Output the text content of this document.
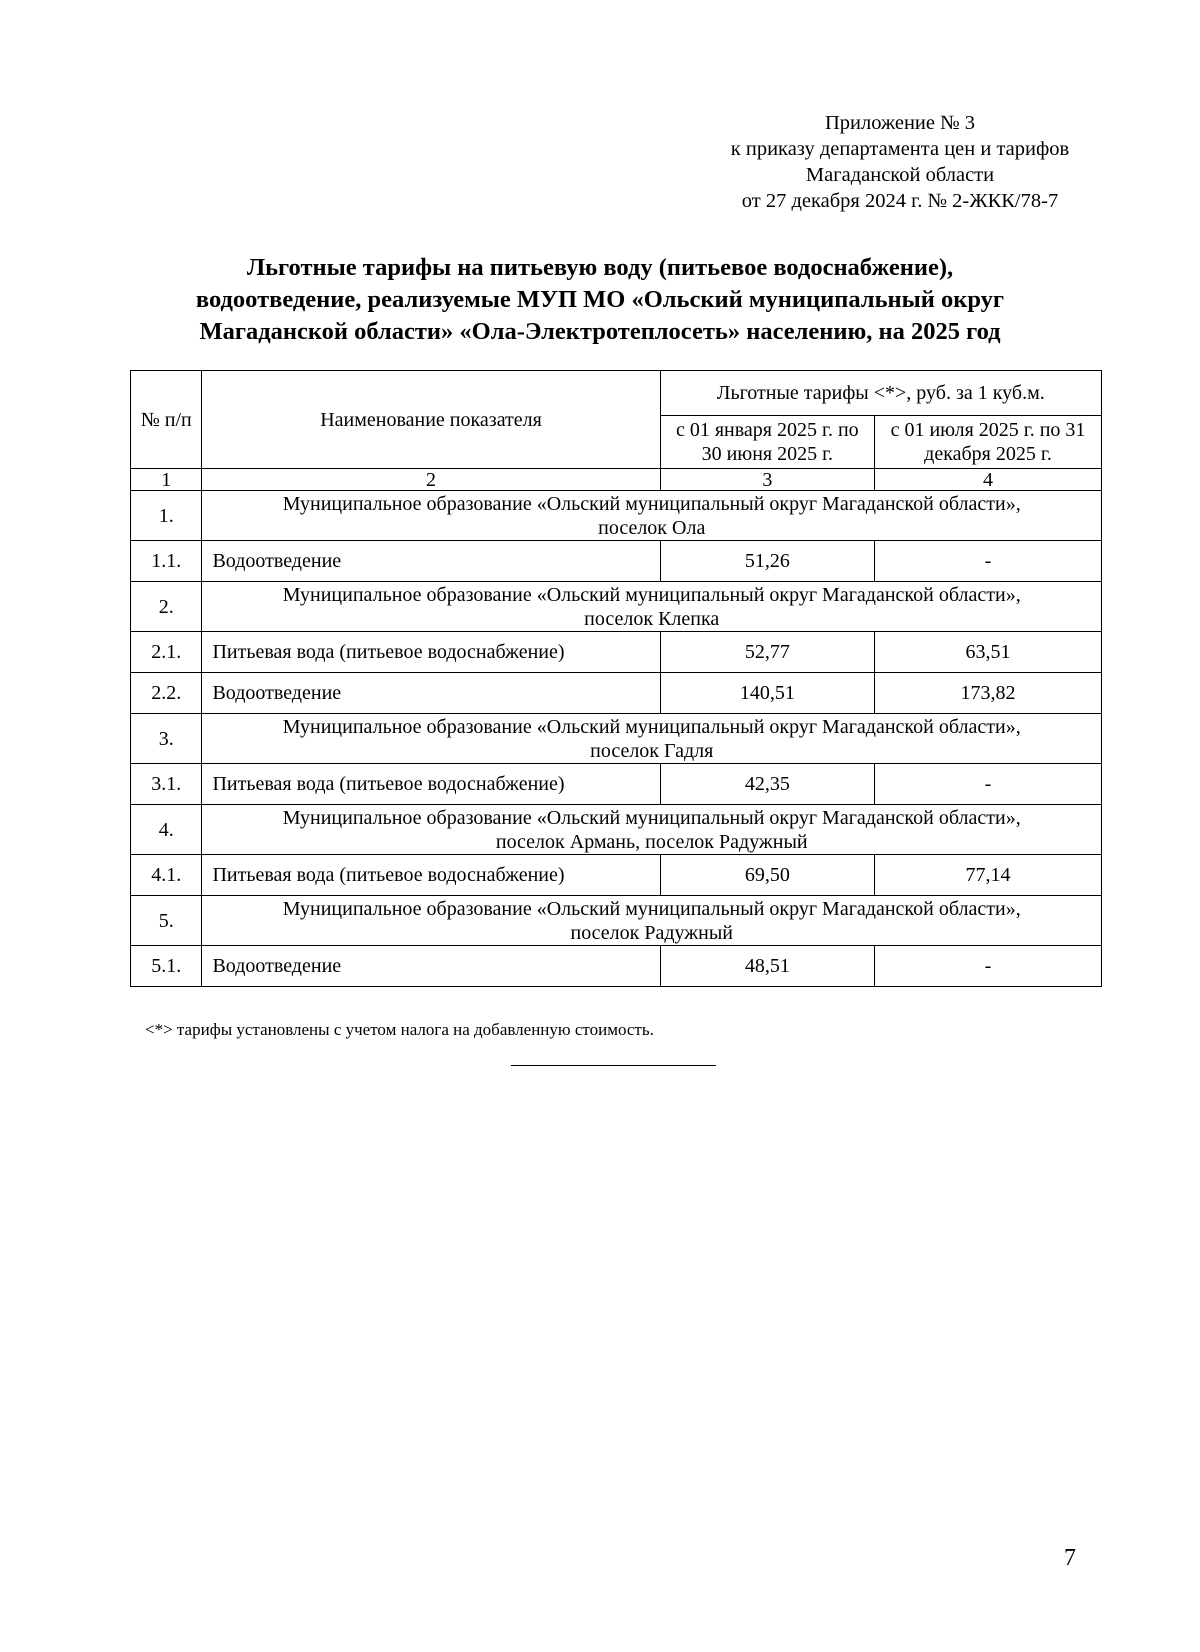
Приложение № 3
к приказу департамента цен и тарифов
Магаданской области
от 27 декабря 2024 г. № 2-ЖКК/78-7
Льготные тарифы на питьевую воду (питьевое водоснабжение),
водоотведение, реализуемые МУП МО «Ольский муниципальный округ
Магаданской области» «Ола-Электротеплосеть» населению, на 2025 год
№ п/п	Наименование показателя	Льготные тарифы <*>, руб. за 1 куб.м.	
		с 01 января 2025 г. по 30 июня 2025 г.	с 01 июля 2025 г. по 31 декабря 2025 г.
1	2	3	4
1.	Муниципальное образование «Ольский муниципальный округ Магаданской области»,
поселок Ола		

1.1.	Водоотведение	51,26	-
2.	Муниципальное образование «Ольский муниципальный округ Магаданской области»,
поселок Клепка		

2.1.	Питьевая вода (питьевое водоснабжение)	52,77	63,51
2.2.	Водоотведение	140,51	173,82
3.	Муниципальное образование «Ольский муниципальный округ Магаданской области»,
поселок Гадля		

3.1.	Питьевая вода (питьевое водоснабжение)	42,35	-
4.	Муниципальное образование «Ольский муниципальный округ Магаданской области»,
поселок Армань, поселок Радужный		

4.1.	Питьевая вода (питьевое водоснабжение)	69,50	77,14
5.	Муниципальное образование «Ольский муниципальный округ Магаданской области»,
поселок Радужный		

5.1.	Водоотведение	48,51	-
<*> тарифы установлены с учетом налога на добавленную стоимость.
7
